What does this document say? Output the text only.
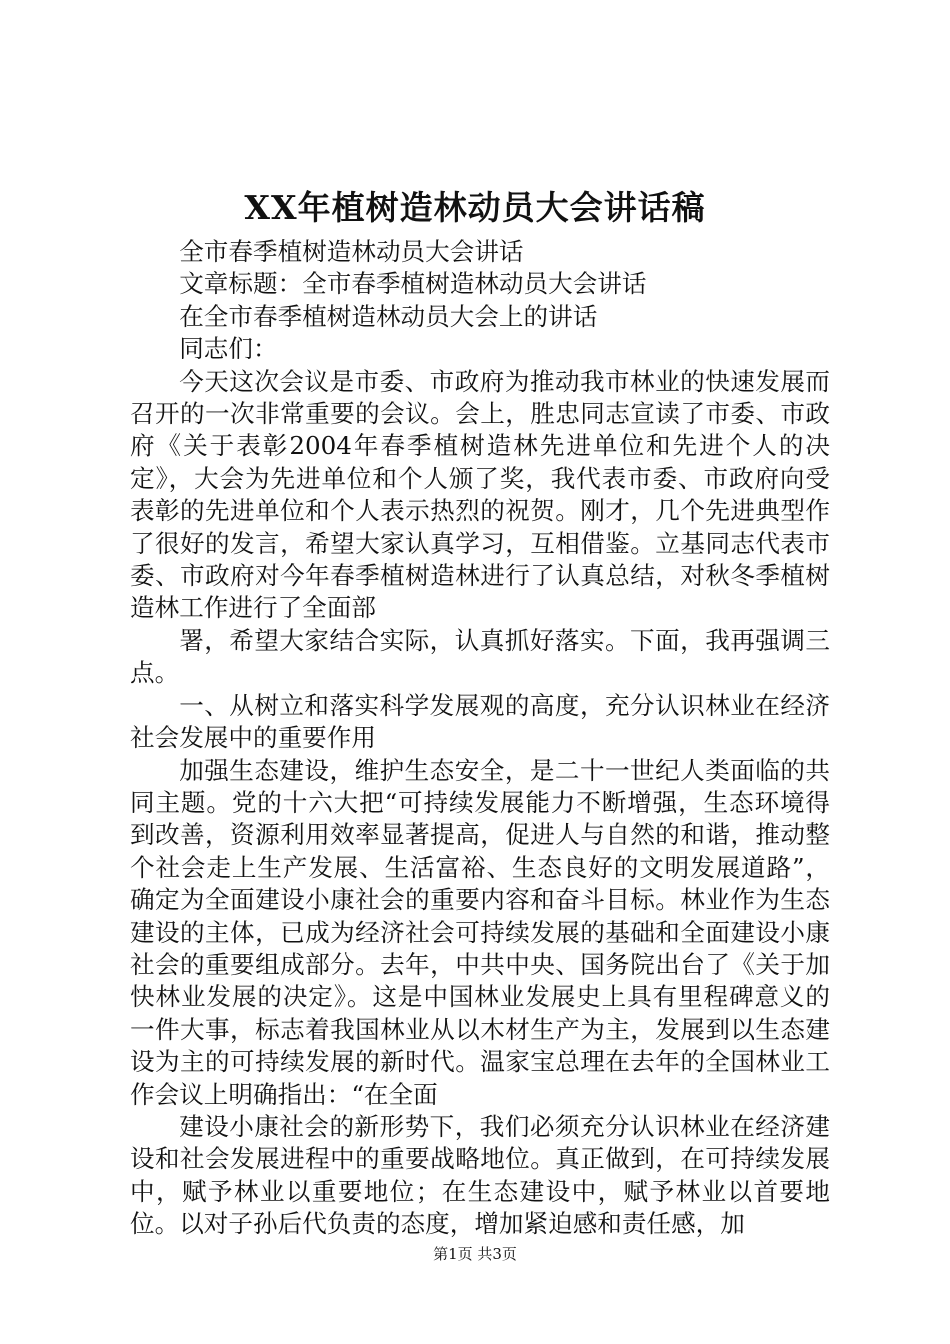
XX年植树造林动员大会讲话稿

全市春季植树造林动员大会讲话

文章标题：全市春季植树造林动员大会讲话

在全市春季植树造林动员大会上的讲话

同志们：

今天这次会议是市委、市政府为推动我市林业的快速发展而召开的一次非常重要的会议。会上，胜忠同志宣读了市委、市政府《关于表彰2004年春季植树造林先进单位和先进个人的决定》，大会为先进单位和个人颁了奖，我代表市委、市政府向受表彰的先进单位和个人表示热烈的祝贺。刚才，几个先进典型作了很好的发言，希望大家认真学习，互相借鉴。立基同志代表市委、市政府对今年春季植树造林进行了认真总结，对秋冬季植树造林工作进行了全面部

署，希望大家结合实际，认真抓好落实。下面，我再强调三点。

一、从树立和落实科学发展观的高度，充分认识林业在经济社会发展中的重要作用

加强生态建设，维护生态安全，是二十一世纪人类面临的共同主题。党的十六大把“可持续发展能力不断增强，生态环境得到改善，资源利用效率显著提高，促进人与自然的和谐，推动整个社会走上生产发展、生活富裕、生态良好的文明发展道路”，确定为全面建设小康社会的重要内容和奋斗目标。林业作为生态建设的主体，已成为经济社会可持续发展的基础和全面建设小康社会的重要组成部分。去年，中共中央、国务院出台了《关于加快林业发展的决定》。这是中国林业发展史上具有里程碑意义的一件大事，标志着我国林业从以木材生产为主，发展到以生态建设为主的可持续发展的新时代。温家宝总理在去年的全国林业工作会议上明确指出：“在全面

建设小康社会的新形势下，我们必须充分认识林业在经济建设和社会发展进程中的重要战略地位。真正做到，在可持续发展中，赋予林业以重要地位；在生态建设中，赋予林业以首要地位。以对子孙后代负责的态度，增加紧迫感和责任感，加

第1页 共3页
